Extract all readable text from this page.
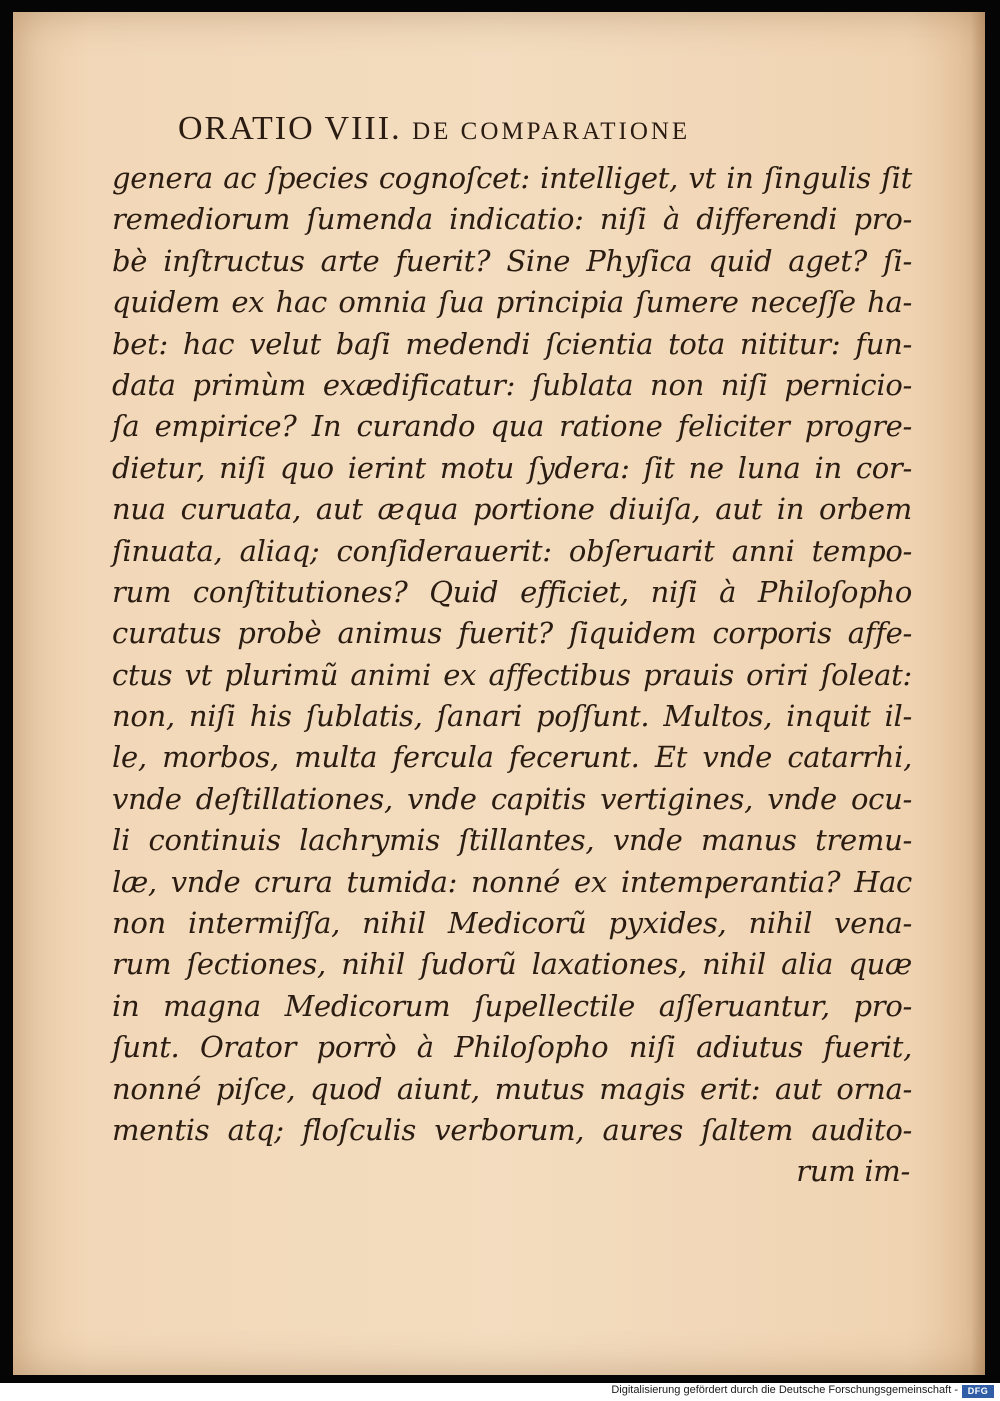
ORATIO VIII. DE COMPARATIONE
genera ac ſpecies cognoſcet: intelliget, vt in ſingulis ſit
remediorum ſumenda indicatio: niſi à differendi pro-
bè inſtructus arte fuerit? Sine Phyſica quid aget? ſi-
quidem ex hac omnia ſua principia ſumere neceſſe ha-
bet: hac velut baſi medendi ſcientia tota nititur: fun-
data primùm exædificatur: ſublata non niſi pernicio-
ſa empirice? In curando qua ratione feliciter progre-
dietur, niſi quo ierint motu ſydera: ſit ne luna in cor-
nua curuata, aut æqua portione diuiſa, aut in orbem
ſinuata, aliaq; conſiderauerit: obſeruarit anni tempo-
rum conſtitutiones? Quid efficiet, niſi à Philoſopho
curatus probè animus fuerit? ſiquidem corporis affe-
ctus vt plurimũ animi ex affectibus prauis oriri ſoleat:
non, niſi his ſublatis, ſanari poſſunt. Multos, inquit il-
le, morbos, multa fercula fecerunt. Et vnde catarrhi,
vnde deſtillationes, vnde capitis vertigines, vnde ocu-
li continuis lachrymis ſtillantes, vnde manus tremu-
læ, vnde crura tumida: nonné ex intemperantia? Hac
non intermiſſa, nihil Medicorũ pyxides, nihil vena-
rum ſectiones, nihil ſudorũ laxationes, nihil alia quæ
in magna Medicorum ſupellectile aſſeruantur, pro-
ſunt. Orator porrò à Philoſopho niſi adiutus fuerit,
nonné piſce, quod aiunt, mutus magis erit: aut orna-
mentis atq; floſculis verborum, aures ſaltem audito-
rum im-
Digitalisierung gefördert durch die Deutsche Forschungsgemeinschaft -	DFG
